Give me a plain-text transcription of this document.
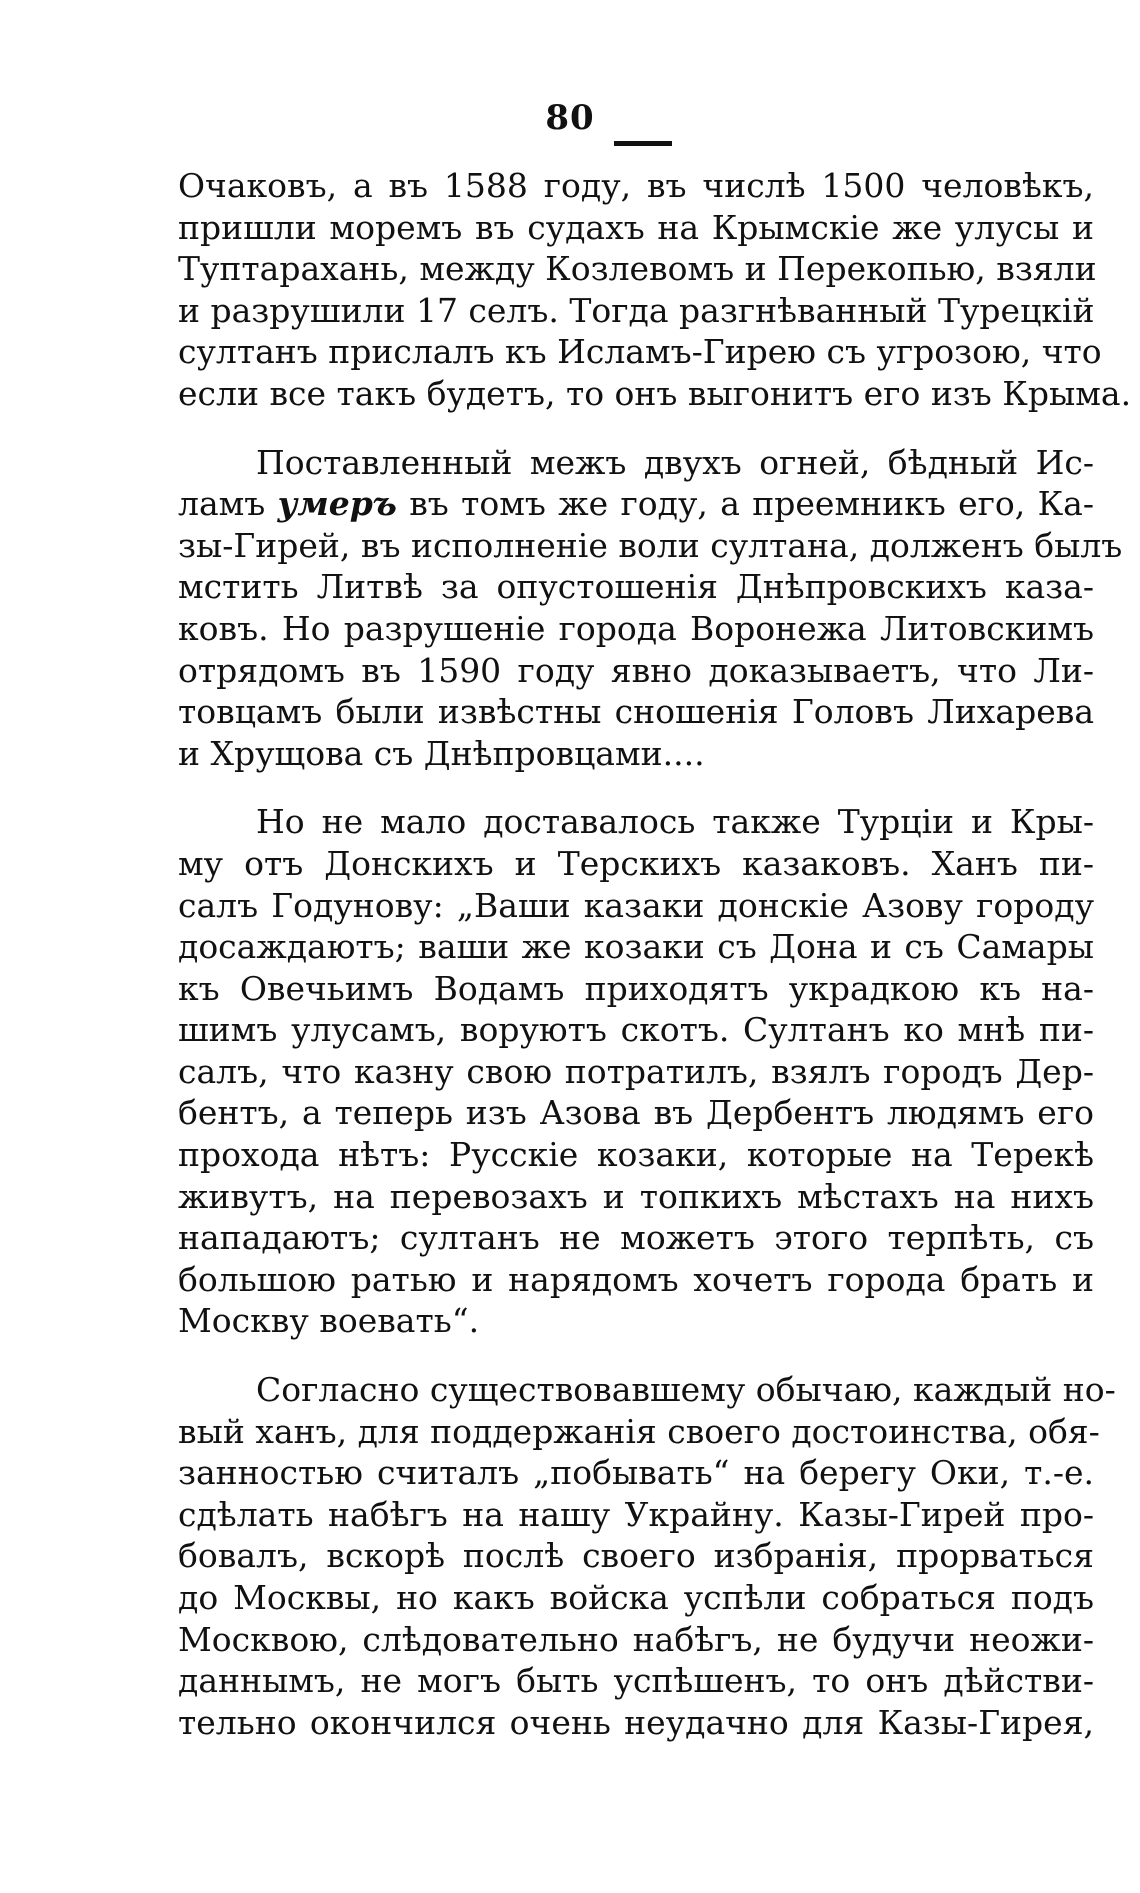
80
Очаковъ, а въ 1588 году, въ числѣ 1500 человѣкъ,
пришли моремъ въ судахъ на Крымскiе же улусы и
Туптарахань, между Козлевомъ и Перекопью, взяли
и разрушили 17 селъ. Тогда разгнѣванный Турецкiй
султанъ прислалъ къ Исламъ-Гирею съ угрозою, что
если все такъ будетъ, то онъ выгонитъ его изъ Крыма.
Поставленный межъ двухъ огней, бѣдный Ис-
ламъ умеръ въ томъ же году, а преемникъ его, Ка-
зы-Гирей, въ исполненiе воли султана, долженъ былъ
мстить Литвѣ за опустошенiя Днѣпровскихъ каза-
ковъ. Но разрушенiе города Воронежа Литовскимъ
отрядомъ въ 1590 году явно доказываетъ, что Ли-
товцамъ были извѣстны сношенiя Головъ Лихарева
и Хрущова съ Днѣпровцами....
Но не мало доставалось также Турцiи и Кры-
му отъ Донскихъ и Терскихъ казаковъ. Ханъ пи-
салъ Годунову: „Ваши казаки донскiе Азову городу
досаждаютъ; ваши же козаки съ Дона и съ Самары
къ Овечьимъ Водамъ приходятъ украдкою къ на-
шимъ улусамъ, воруютъ скотъ. Султанъ ко мнѣ пи-
салъ, что казну свою потратилъ, взялъ городъ Дер-
бентъ, а теперь изъ Азова въ Дербентъ людямъ его
прохода нѣтъ: Русскiе козаки, которые на Терекѣ
живутъ, на перевозахъ и топкихъ мѣстахъ на нихъ
нападаютъ; султанъ не можетъ этого терпѣть, съ
большою ратью и нарядомъ хочетъ города брать и
Москву воевать“.
Согласно существовавшему обычаю, каждый но-
вый ханъ, для поддержанiя своего достоинства, обя-
занностью считалъ „побывать“ на берегу Оки, т.-е.
сдѣлать набѣгъ на нашу Украйну. Казы-Гирей про-
бовалъ, вскорѣ послѣ своего избранiя, прорваться
до Москвы, но какъ войска успѣли собраться подъ
Москвою, слѣдовательно набѣгъ, не будучи неожи-
даннымъ, не могъ быть успѣшенъ, то онъ дѣйстви-
тельно окончился очень неудачно для Казы-Гирея,
